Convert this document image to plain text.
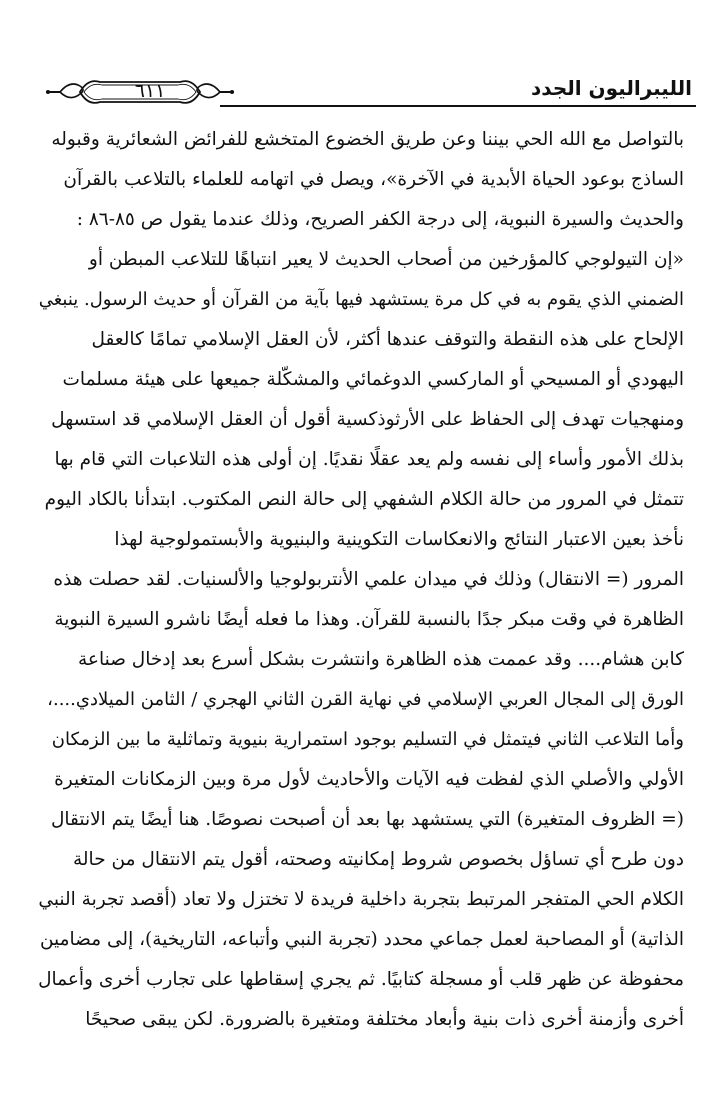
الليبراليون الجدد
٦١١
بالتواصل مع الله الحي بيننا وعن طريق الخضوع المتخشع للفرائض الشعائرية وقبوله
الساذج بوعود الحياة الأبدية في الآخرة»، ويصل في اتهامه للعلماء بالتلاعب بالقرآن
والحديث والسيرة النبوية، إلى درجة الكفر الصريح، وذلك عندما يقول ص ٨٥-٨٦ :
«إن التيولوجي كالمؤرخين من أصحاب الحديث لا يعير انتباهًا للتلاعب المبطن أو
الضمني الذي يقوم به في كل مرة يستشهد فيها بآية من القرآن أو حديث الرسول. ينبغي
الإلحاح على هذه النقطة والتوقف عندها أكثر، لأن العقل الإسلامي تمامًا كالعقل
اليهودي أو المسيحي أو الماركسي الدوغمائي والمشكّلة جميعها على هيئة مسلمات
ومنهجيات تهدف إلى الحفاظ على الأرثوذكسية أقول أن العقل الإسلامي قد استسهل
بذلك الأمور وأساء إلى نفسه ولم يعد عقلًا نقديًا. إن أولى هذه التلاعبات التي قام بها
تتمثل في المرور من حالة الكلام الشفهي إلى حالة النص المكتوب. ابتدأنا بالكاد اليوم
نأخذ بعين الاعتبار النتائج والانعكاسات التكوينية والبنيوية والأبستمولوجية لهذا
المرور (= الانتقال) وذلك في ميدان علمي الأنتربولوجيا والألسنيات. لقد حصلت هذه
الظاهرة في وقت مبكر جدًا بالنسبة للقرآن. وهذا ما فعله أيضًا ناشرو السيرة النبوية
كابن هشام.... وقد عممت هذه الظاهرة وانتشرت بشكل أسرع بعد إدخال صناعة
الورق إلى المجال العربي الإسلامي في نهاية القرن الثاني الهجري / الثامن الميلادي....،
وأما التلاعب الثاني فيتمثل في التسليم بوجود استمرارية بنيوية وتماثلية ما بين الزمكان
الأولي والأصلي الذي لفظت فيه الآيات والأحاديث لأول مرة وبين الزمكانات المتغيرة
(= الظروف المتغيرة) التي يستشهد بها بعد أن أصبحت نصوصًا. هنا أيضًا يتم الانتقال
دون طرح أي تساؤل بخصوص شروط إمكانيته وصحته، أقول يتم الانتقال من حالة
الكلام الحي المتفجر المرتبط بتجربة داخلية فريدة لا تختزل ولا تعاد (أقصد تجربة النبي
الذاتية) أو المصاحبة لعمل جماعي محدد (تجربة النبي وأتباعه، التاريخية)، إلى مضامين
محفوظة عن ظهر قلب أو مسجلة كتابيًا. ثم يجري إسقاطها على تجارب أخرى وأعمال
أخرى وأزمنة أخرى ذات بنية وأبعاد مختلفة ومتغيرة بالضرورة. لكن يبقى صحيحًا
